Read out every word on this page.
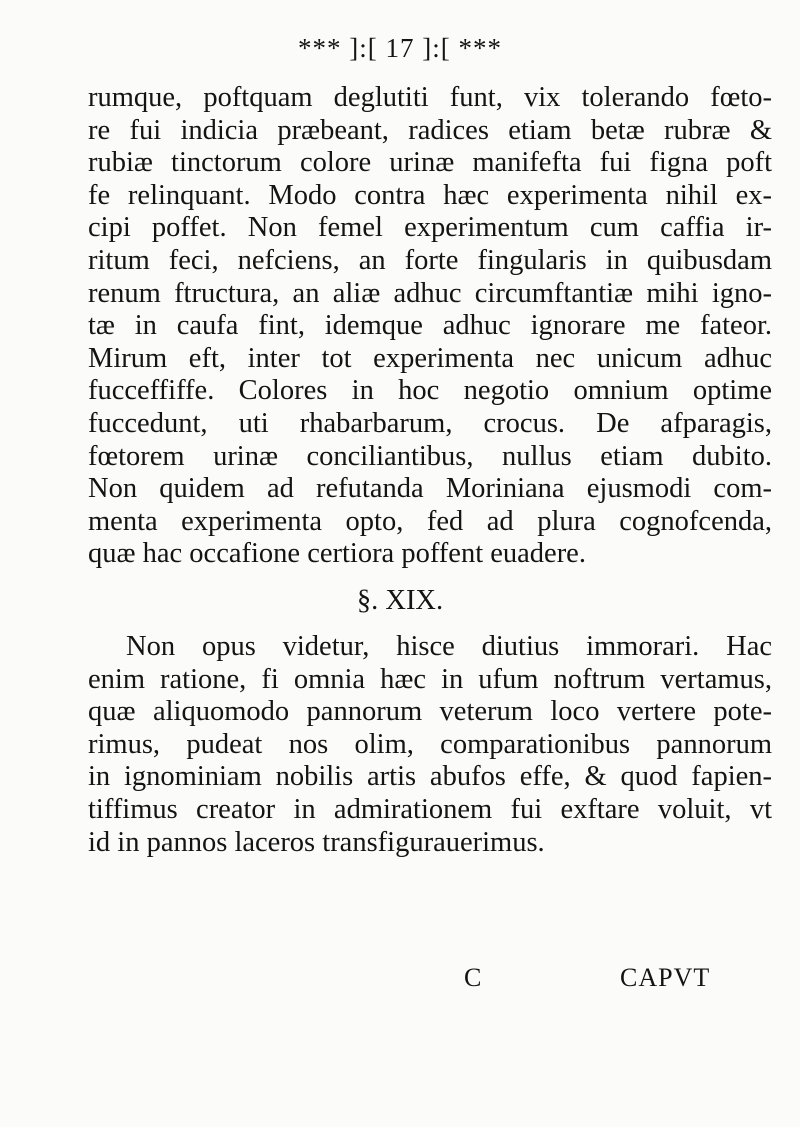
*** ]:[ 17 ]:[ ***
rumque, poftquam deglutiti funt, vix tolerando fœto-
re fui indicia præbeant, radices etiam betæ rubræ &
rubiæ tinctorum colore urinæ manifefta fui figna poft
fe relinquant. Modo contra hæc experimenta nihil ex-
cipi poffet. Non femel experimentum cum caffia ir-
ritum feci, nefciens, an forte fingularis in quibusdam
renum ftructura, an aliæ adhuc circumftantiæ mihi igno-
tæ in caufa fint, idemque adhuc ignorare me fateor.
Mirum eft, inter tot experimenta nec unicum adhuc
fucceffiffe. Colores in hoc negotio omnium optime
fuccedunt, uti rhabarbarum, crocus. De afparagis,
fœtorem urinæ conciliantibus, nullus etiam dubito.
Non quidem ad refutanda Moriniana ejusmodi com-
menta experimenta opto, fed ad plura cognofcenda,
quæ hac occafione certiora poffent euadere.
§. XIX.
Non opus videtur, hisce diutius immorari. Hac
enim ratione, fi omnia hæc in ufum noftrum vertamus,
quæ aliquomodo pannorum veterum loco vertere pote-
rimus, pudeat nos olim, comparationibus pannorum
in ignominiam nobilis artis abufos effe, & quod fapien-
tiffimus creator in admirationem fui exftare voluit, vt
id in pannos laceros transfigurauerimus.
C	CAPVT
